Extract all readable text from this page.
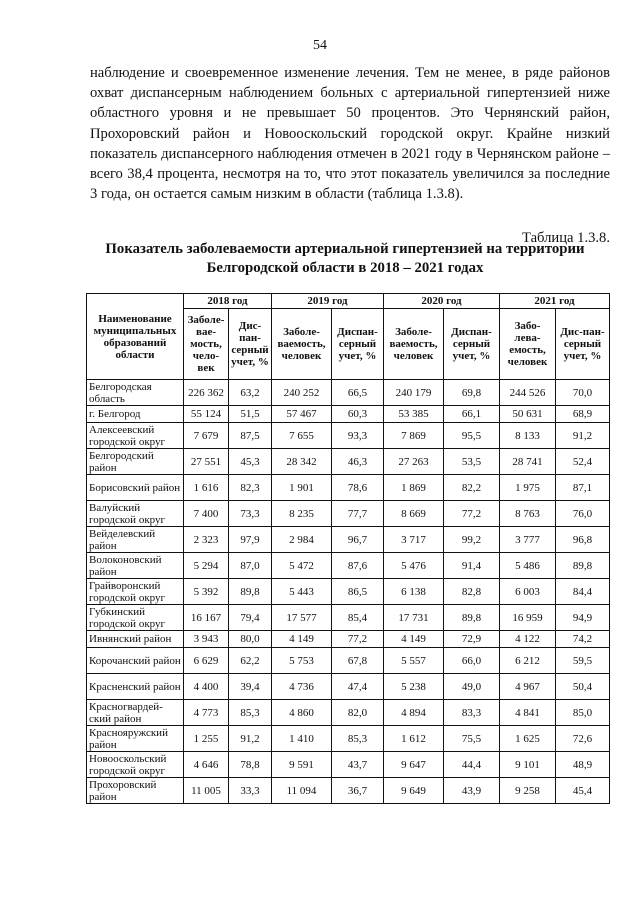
54

наблюдение и своевременное изменение лечения. Тем не менее, в ряде районов охват диспансерным наблюдением больных с артериальной гипертензией ниже областного уровня и не превышает 50 процентов. Это Чернянский район, Прохоровский район и Новооскольский городской округ. Крайне низкий показатель диспансерного наблюдения отмечен в 2021 году в Чернянском районе – всего 38,4 процента, несмотря на то, что этот показатель увеличился за последние 3 года, он остается самым низким в области (таблица 1.3.8).

Таблица 1.3.8.
Показатель заболеваемости артериальной гипертензией на территории Белгородской области в 2018 – 2021 годах
Наименование муниципальных образований области	2018 год		2019 год		2020 год		2021 год	
	Заболе-вае-мость, чело-век	Дис-пан-серный учет, %	Заболе-ваемость, человек	Диспан-серный учет, %	Заболе-ваемость, человек	Диспан-серный учет, %	Забо-лева-емость, человек	Дис-пан-серный учет, %
Белгородская область	226 362	63,2	240 252	66,5	240 179	69,8	244 526	70,0
г. Белгород	55 124	51,5	57 467	60,3	53 385	66,1	50 631	68,9
Алексеевский городской округ	7 679	87,5	7 655	93,3	7 869	95,5	8 133	91,2
Белгородский район	27 551	45,3	28 342	46,3	27 263	53,5	28 741	52,4
Борисовский район	1 616	82,3	1 901	78,6	1 869	82,2	1 975	87,1
Валуйский городской округ	7 400	73,3	8 235	77,7	8 669	77,2	8 763	76,0
Вейделевский район	2 323	97,9	2 984	96,7	3 717	99,2	3 777	96,8
Волоконовский район	5 294	87,0	5 472	87,6	5 476	91,4	5 486	89,8
Грайворонский городской округ	5 392	89,8	5 443	86,5	6 138	82,8	6 003	84,4
Губкинский городской округ	16 167	79,4	17 577	85,4	17 731	89,8	16 959	94,9
Ивнянский район	3 943	80,0	4 149	77,2	4 149	72,9	4 122	74,2
Корочанский район	6 629	62,2	5 753	67,8	5 557	66,0	6 212	59,5
Красненский район	4 400	39,4	4 736	47,4	5 238	49,0	4 967	50,4
Красногвардей-ский район	4 773	85,3	4 860	82,0	4 894	83,3	4 841	85,0
Краснояружский район	1 255	91,2	1 410	85,3	1 612	75,5	1 625	72,6
Новооскольский городской округ	4 646	78,8	9 591	43,7	9 647	44,4	9 101	48,9
Прохоровский район	11 005	33,3	11 094	36,7	9 649	43,9	9 258	45,4
